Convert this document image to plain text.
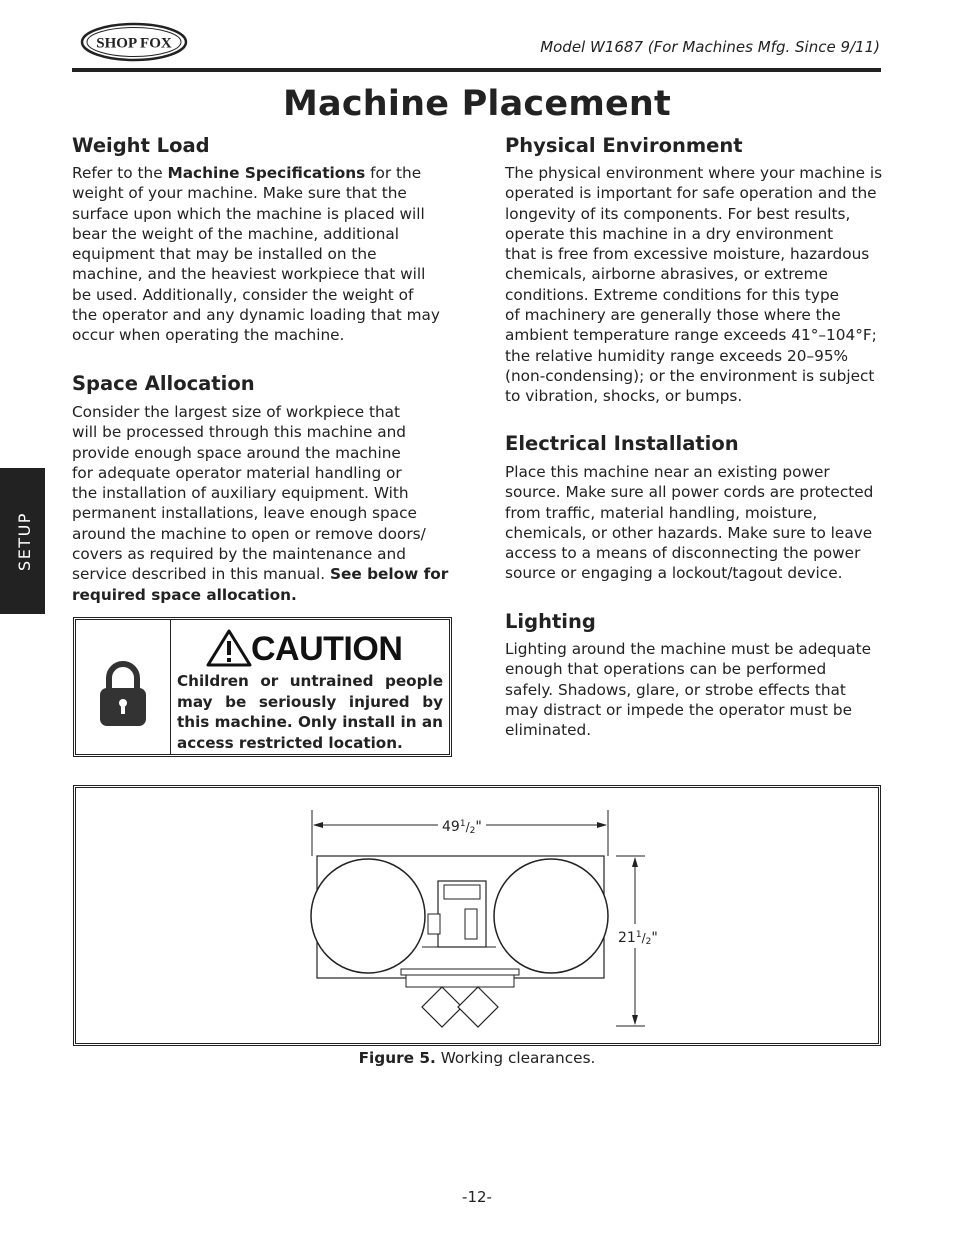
SHOP FOX	Model W1687 (For Machines Mfg. Since 9/11)
Machine Placement
SETUP
Weight Load
Refer to the Machine Specifications for the
weight of your machine. Make sure that the
surface upon which the machine is placed will
bear the weight of the machine, additional
equipment that may be installed on the
machine, and the heaviest workpiece that will
be used. Additionally, consider the weight of
the operator and any dynamic loading that may
occur when operating the machine.
Space Allocation
Consider the largest size of workpiece that
will be processed through this machine and
provide enough space around the machine
for adequate operator material handling or
the installation of auxiliary equipment. With
permanent installations, leave enough space
around the machine to open or remove doors/
covers as required by the maintenance and
service described in this manual. See below for
required space allocation.
CAUTION
Children or untrained people may be seriously injured by this machine. Only install in an access restricted location.
Physical Environment
The physical environment where your machine is
operated is important for safe operation and the
longevity of its components. For best results,
operate this machine in a dry environment
that is free from excessive moisture, hazardous
chemicals, airborne abrasives, or extreme
conditions. Extreme conditions for this type
of machinery are generally those where the
ambient temperature range exceeds 41°–104°F;
the relative humidity range exceeds 20–95%
(non-condensing); or the environment is subject
to vibration, shocks, or bumps.
Electrical Installation
Place this machine near an existing power
source. Make sure all power cords are protected
from traffic, material handling, moisture,
chemicals, or other hazards. Make sure to leave
access to a means of disconnecting the power
source or engaging a lockout/tagout device.
Lighting
Lighting around the machine must be adequate
enough that operations can be performed
safely. Shadows, glare, or strobe effects that
may distract or impede the operator must be
eliminated.
$49^1/2$"
$21^1/2$"
Figure 5. Working clearances.
-12-
